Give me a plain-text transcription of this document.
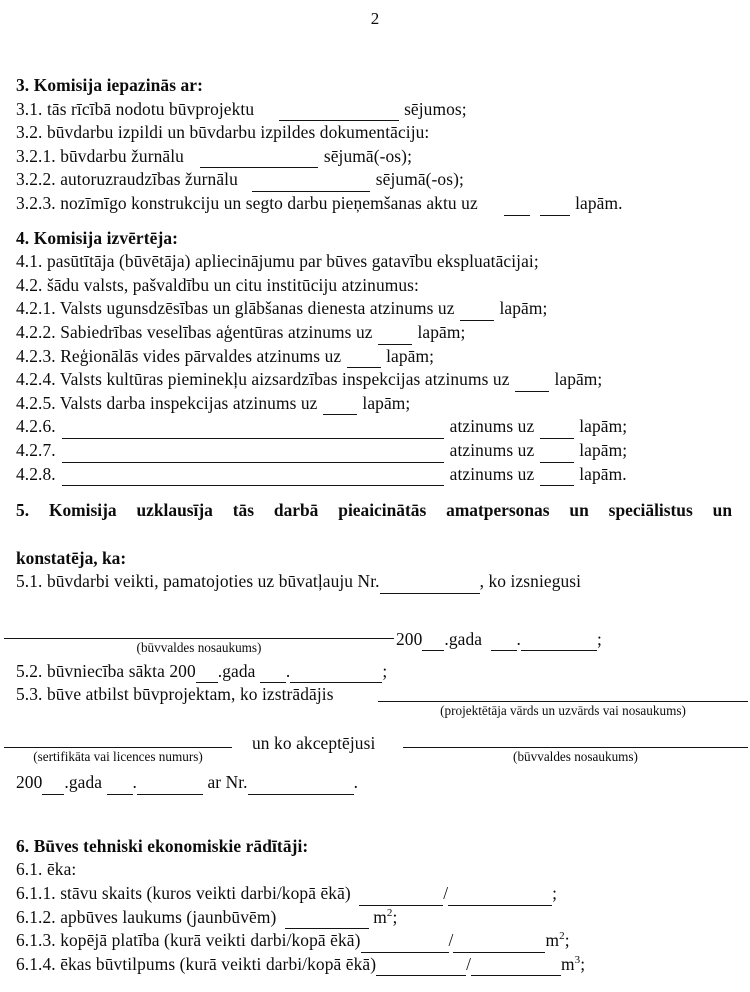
2
3. Komisija iepazinās ar:
3.1. tās rīcībā nodotu būvprojektu	sējumos;
3.2. būvdarbu izpildi un būvdarbu izpildes dokumentāciju:
3.2.1. būvdarbu žurnālu	sējumā(-os);
3.2.2. autoruzraudzības žurnālu	sējumā(-os);
3.2.3. nozīmīgo konstrukciju un segto darbu pieņemšanas aktu uz	lapām.
4. Komisija izvērtēja:
4.1. pasūtītāja (būvētāja) apliecinājumu par būves gatavību ekspluatācijai;
4.2. šādu valsts, pašvaldību un citu institūciju atzinumus:
4.2.1. Valsts ugunsdzēsības un glābšanas dienesta atzinums uz	lapām;
4.2.2. Sabiedrības veselības aģentūras atzinums uz	lapām;
4.2.3. Reģionālās vides pārvaldes atzinums uz	lapām;
4.2.4. Valsts kultūras pieminekļu aizsardzības inspekcijas atzinums uz	lapām;
4.2.5. Valsts darba inspekcijas atzinums uz	lapām;
4.2.6.	atzinums uz	lapām;
4.2.7.	atzinums uz	lapām;
4.2.8.	atzinums uz	lapām.
5. Komisija uzklausīja tās darbā pieaicinātās amatpersonas un speciālistus un
konstatēja, ka:
5.1. būvdarbi veikti, pamatojoties uz būvatļauju Nr.	, ko izsniegusi
(būvvaldes nosaukums)	200 .gada .	;
5.2. būvniecība sākta 200 .gada .	;
5.3. būve atbilst būvprojektam, ko izstrādājis
(projektētāja vārds un uzvārds vai nosaukums)
(sertifikāta vai licences numurs)
un ko akceptējusi
(būvvaldes nosaukums)
200 .gada .	ar Nr.	.
6. Būves tehniski ekonomiskie rādītāji:
6.1. ēka:
6.1.1. stāvu skaits (kuros veikti darbi/kopā ēkā)	/	;
6.1.2. apbūves laukums (jaunbūvēm)	$m^2$;
6.1.3. kopējā platība (kurā veikti darbi/kopā ēkā)	/	$m^2$;
6.1.4. ēkas būvtilpums (kurā veikti darbi/kopā ēkā)	/	$m^3$;
